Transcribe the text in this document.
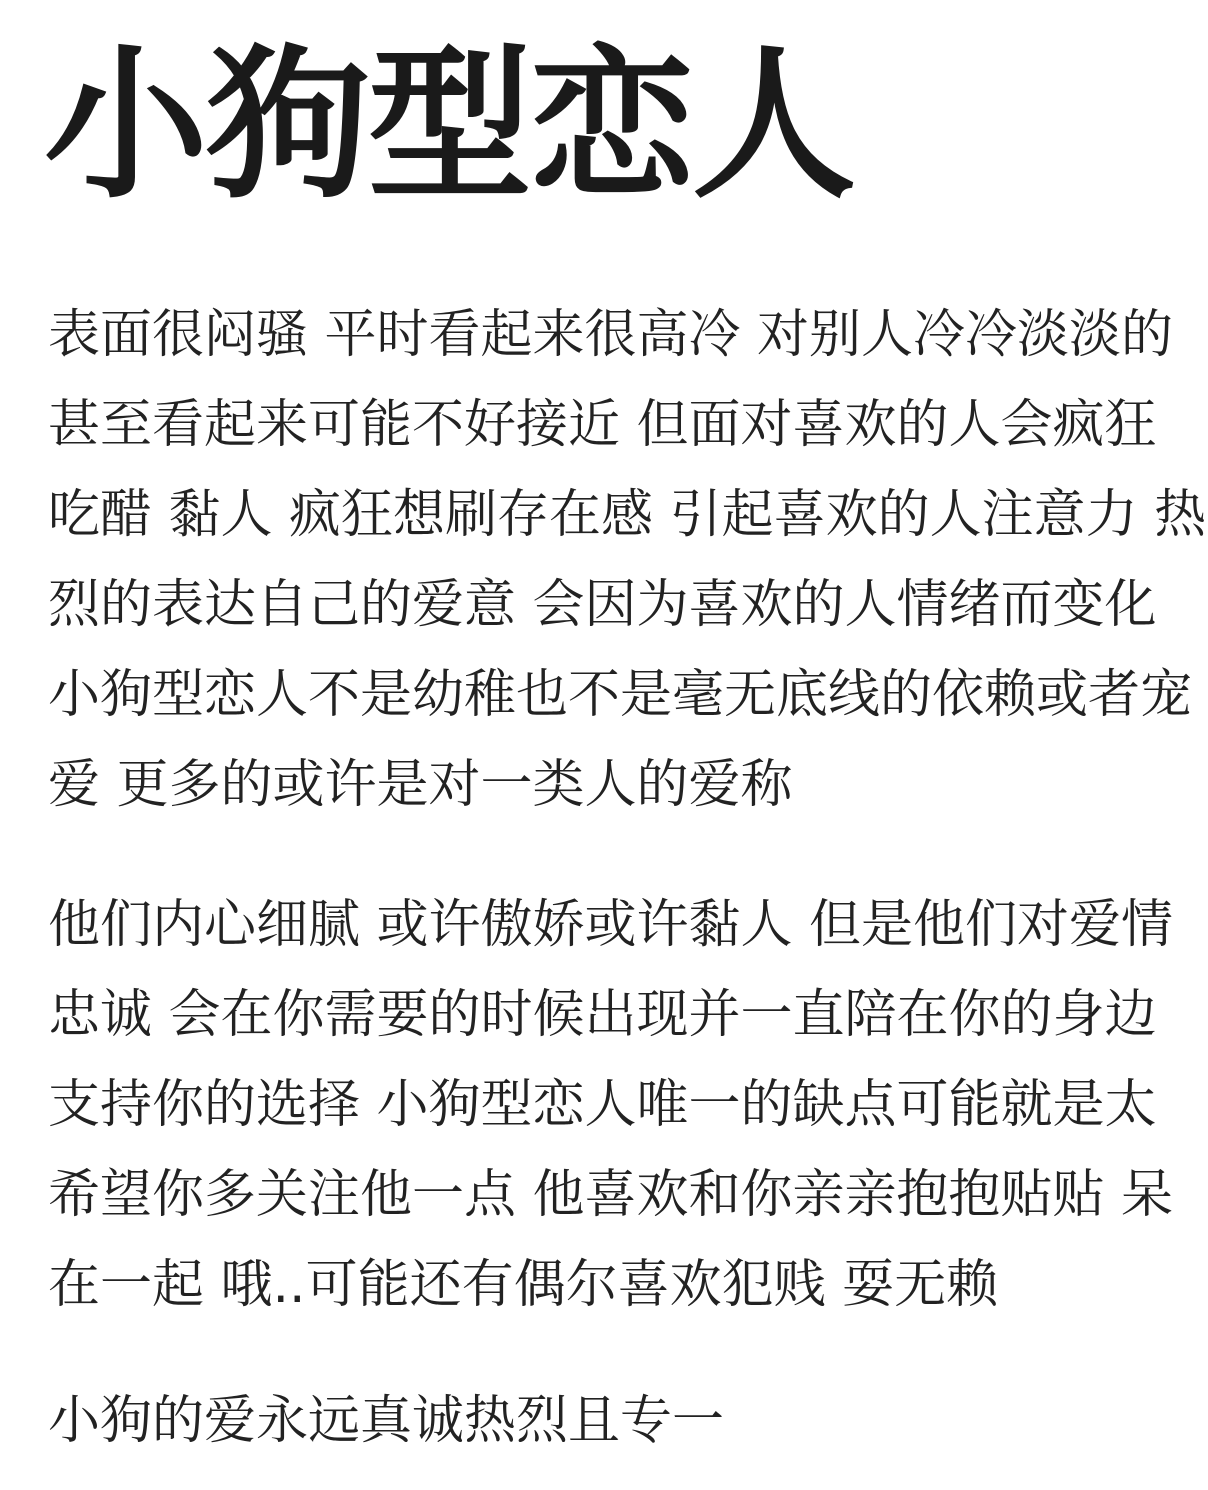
小狗型恋人
表面很闷骚 平时看起来很高冷 对别人冷冷淡淡的
甚至看起来可能不好接近 但面对喜欢的人会疯狂
吃醋 黏人 疯狂想刷存在感 引起喜欢的人注意力 热
烈的表达自己的爱意 会因为喜欢的人情绪而变化
小狗型恋人不是幼稚也不是毫无底线的依赖或者宠
爱 更多的或许是对一类人的爱称
他们内心细腻 或许傲娇或许黏人 但是他们对爱情
忠诚 会在你需要的时候出现并一直陪在你的身边
支持你的选择 小狗型恋人唯一的缺点可能就是太
希望你多关注他一点 他喜欢和你亲亲抱抱贴贴 呆
在一起 哦..可能还有偶尔喜欢犯贱 耍无赖
小狗的爱永远真诚热烈且专一
